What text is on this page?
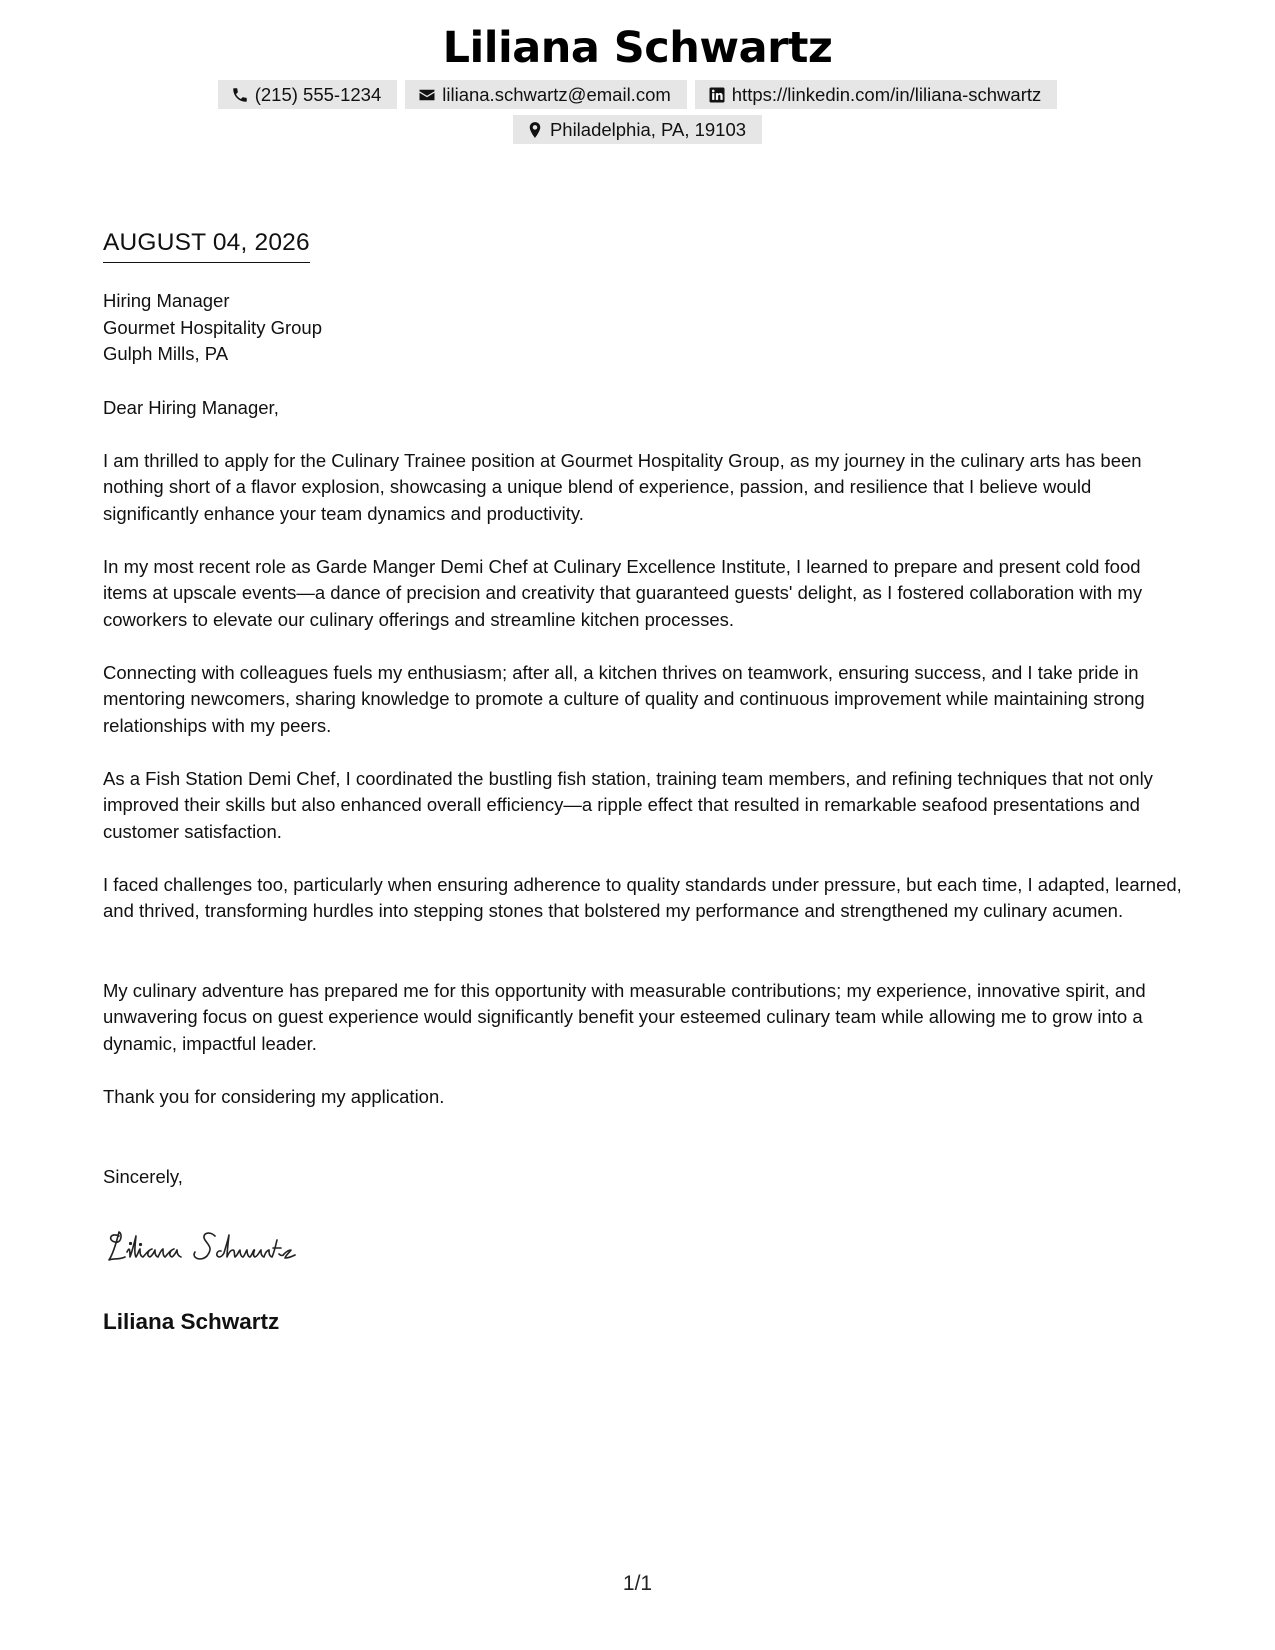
Liliana Schwartz
(215) 555-1234	liliana.schwartz@email.com	https://linkedin.com/in/liliana-schwartz
Philadelphia, PA, 19103
AUGUST 04, 2026
Hiring Manager
Gourmet Hospitality Group
Gulph Mills, PA

Dear Hiring Manager,

I am thrilled to apply for the Culinary Trainee position at Gourmet Hospitality Group, as my journey in the culinary arts has been nothing short of a flavor explosion, showcasing a unique blend of experience, passion, and resilience that I believe would significantly enhance your team dynamics and productivity.

In my most recent role as Garde Manger Demi Chef at Culinary Excellence Institute, I learned to prepare and present cold food items at upscale events—a dance of precision and creativity that guaranteed guests' delight, as I fostered collaboration with my coworkers to elevate our culinary offerings and streamline kitchen processes.

Connecting with colleagues fuels my enthusiasm; after all, a kitchen thrives on teamwork, ensuring success, and I take pride in mentoring newcomers, sharing knowledge to promote a culture of quality and continuous improvement while maintaining strong relationships with my peers.

As a Fish Station Demi Chef, I coordinated the bustling fish station, training team members, and refining techniques that not only improved their skills but also enhanced overall efficiency—a ripple effect that resulted in remarkable seafood presentations and customer satisfaction.

I faced challenges too, particularly when ensuring adherence to quality standards under pressure, but each time, I adapted, learned, and thrived, transforming hurdles into stepping stones that bolstered my performance and strengthened my culinary acumen.

My culinary adventure has prepared me for this opportunity with measurable contributions; my experience, innovative spirit, and unwavering focus on guest experience would significantly benefit your esteemed culinary team while allowing me to grow into a dynamic, impactful leader.

Thank you for considering my application.

Sincerely,

Liliana Schwartz
1/1
